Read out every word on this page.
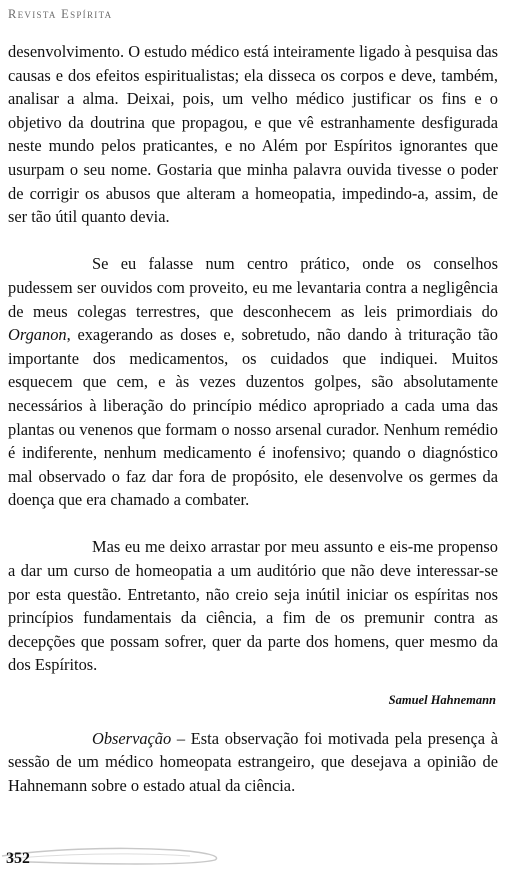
Revista Espírita

desenvolvimento. O estudo médico está inteiramente ligado à pesquisa das causas e dos efeitos espiritualistas; ela disseca os corpos e deve, também, analisar a alma. Deixai, pois, um velho médico justificar os fins e o objetivo da doutrina que propagou, e que vê estranhamente desfigurada neste mundo pelos praticantes, e no Além por Espíritos ignorantes que usurpam o seu nome. Gostaria que minha palavra ouvida tivesse o poder de corrigir os abusos que alteram a homeopatia, impedindo-a, assim, de ser tão útil quanto devia.

Se eu falasse num centro prático, onde os conselhos pudessem ser ouvidos com proveito, eu me levantaria contra a negligência de meus colegas terrestres, que desconhecem as leis primordiais do Organon, exagerando as doses e, sobretudo, não dando à trituração tão importante dos medicamentos, os cuidados que indiquei. Muitos esquecem que cem, e às vezes duzentos golpes, são absolutamente necessários à liberação do princípio médico apropriado a cada uma das plantas ou venenos que formam o nosso arsenal curador. Nenhum remédio é indiferente, nenhum medicamento é inofensivo; quando o diagnóstico mal observado o faz dar fora de propósito, ele desenvolve os germes da doença que era chamado a combater.

Mas eu me deixo arrastar por meu assunto e eis-me propenso a dar um curso de homeopatia a um auditório que não deve interessar-se por esta questão. Entretanto, não creio seja inútil iniciar os espíritas nos princípios fundamentais da ciência, a fim de os premunir contra as decepções que possam sofrer, quer da parte dos homens, quer mesmo da dos Espíritos.

Samuel Hahnemann

Observação – Esta observação foi motivada pela presença à sessão de um médico homeopata estrangeiro, que desejava a opinião de Hahnemann sobre o estado atual da ciência.

352
